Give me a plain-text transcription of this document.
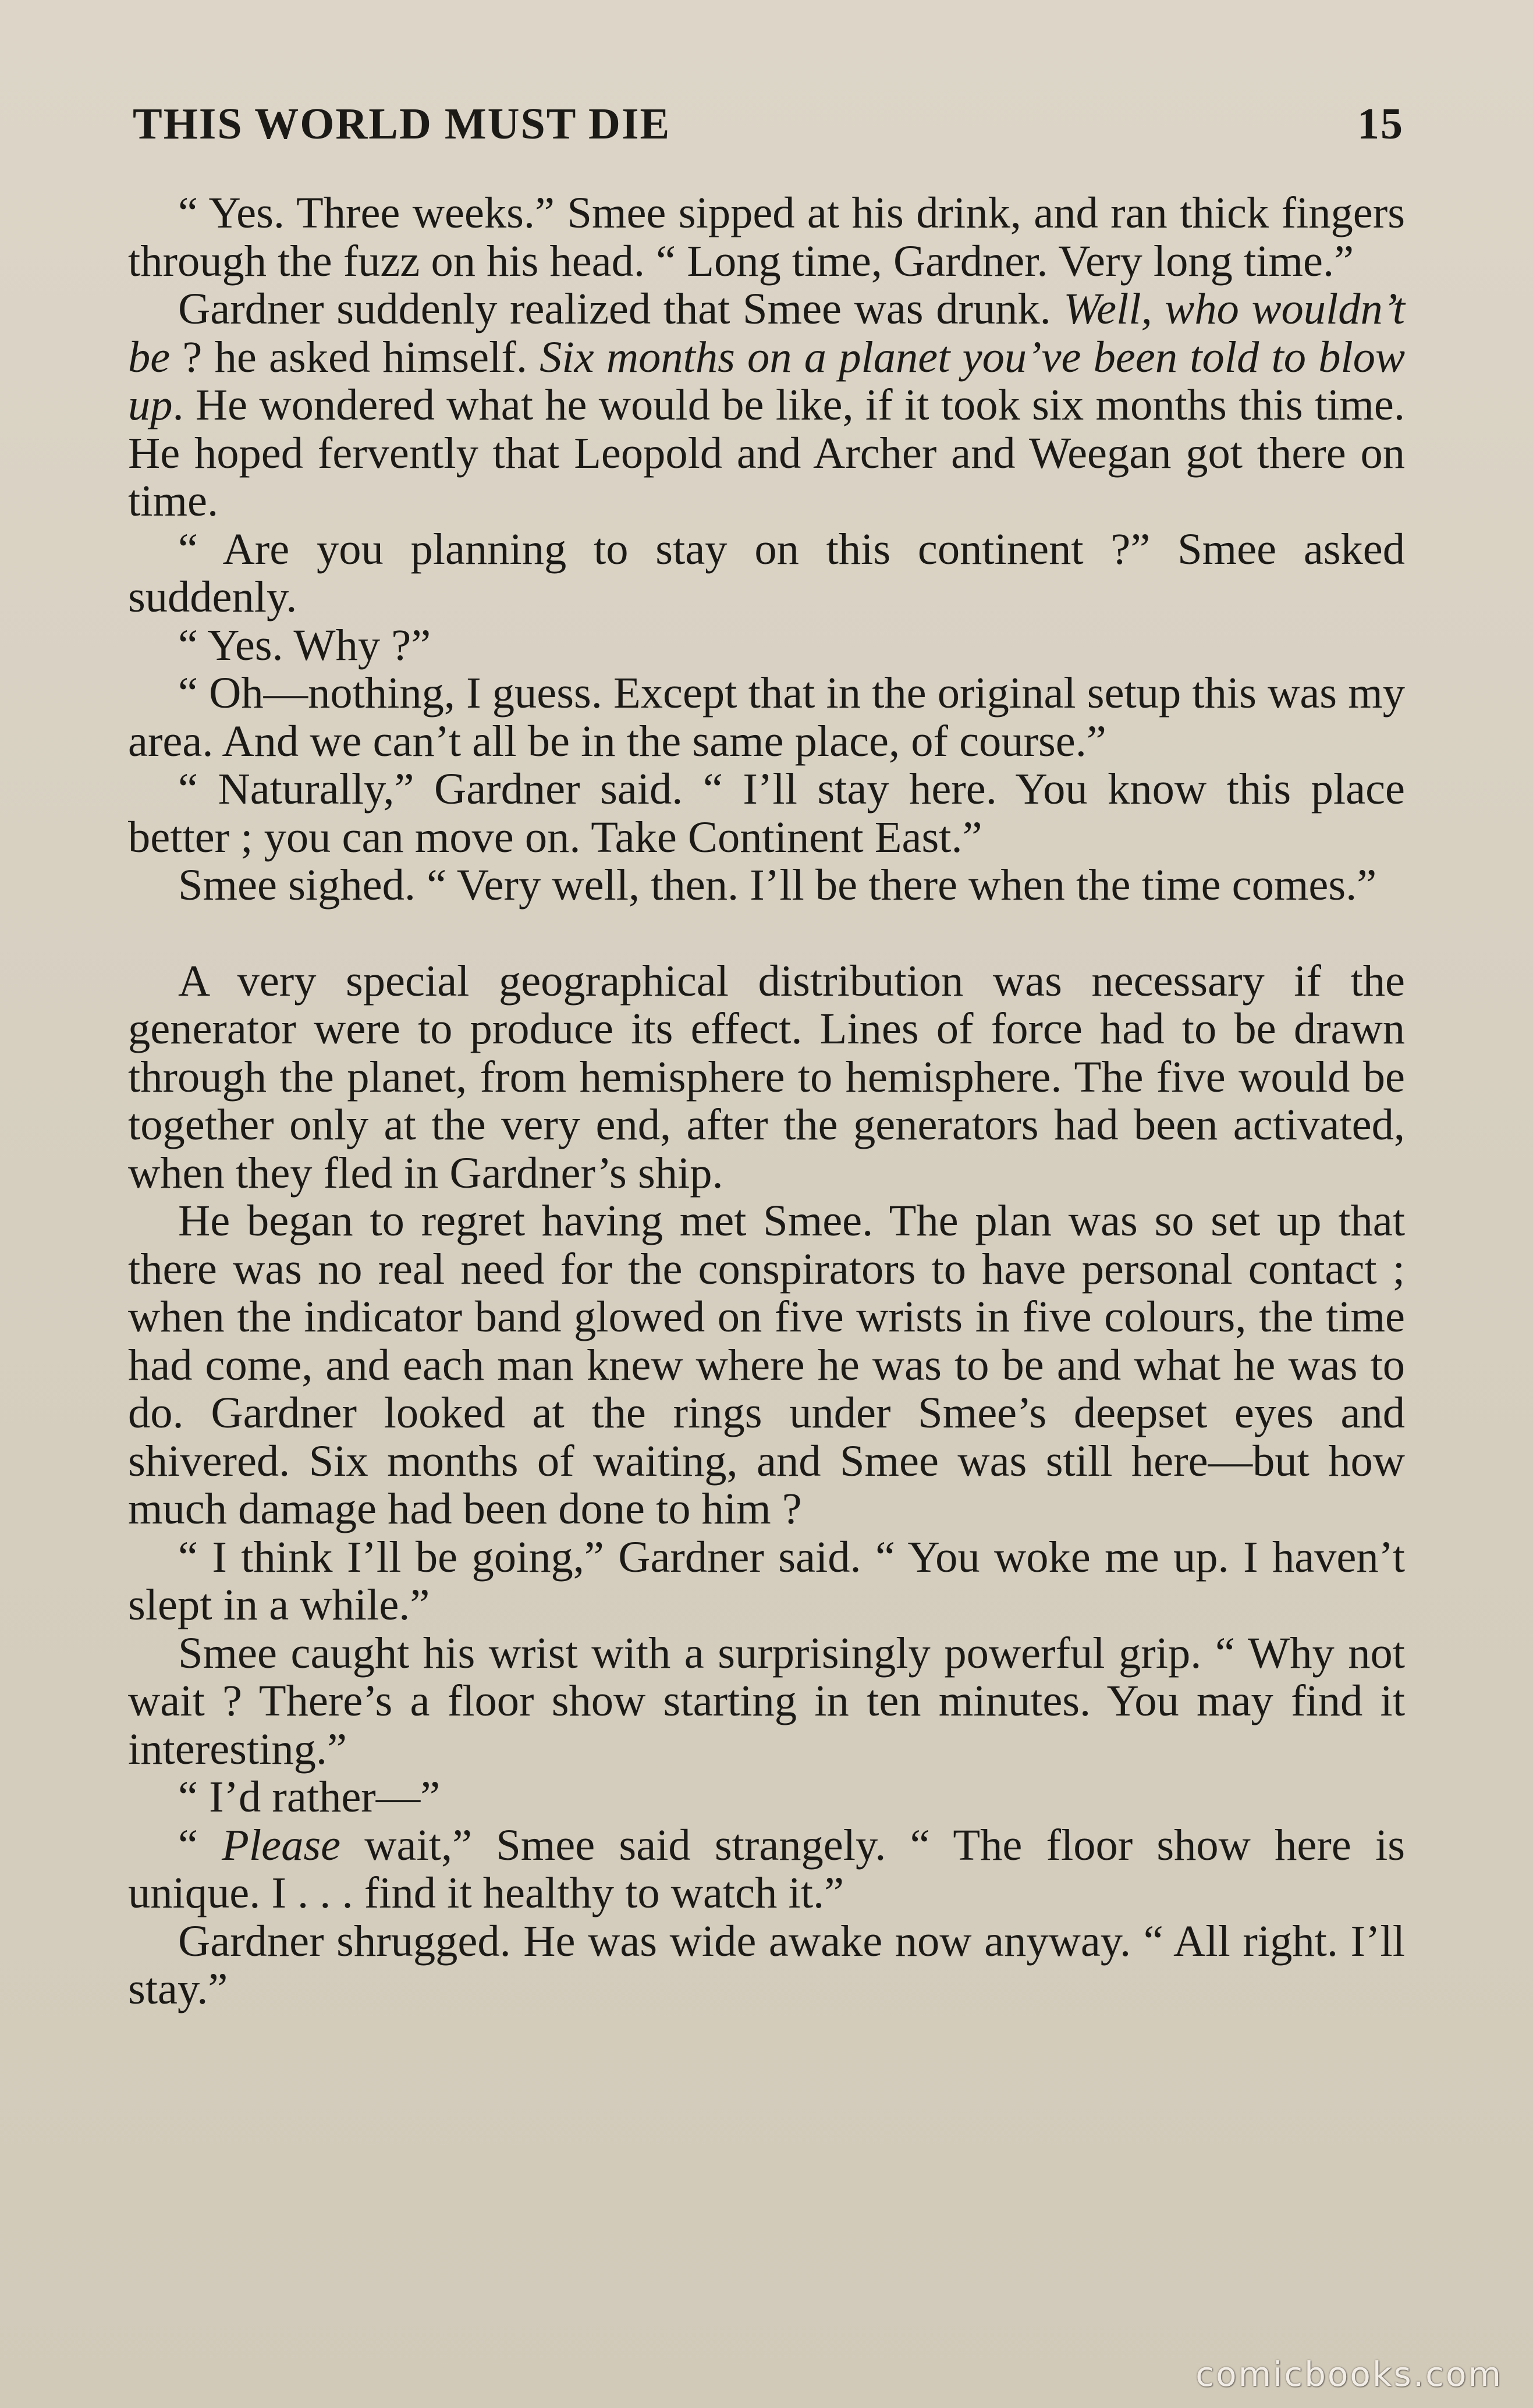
THIS WORLD MUST DIE	15

“ Yes. Three weeks.” Smee sipped at his drink, and ran thick fingers through the fuzz on his head. “ Long time, Gardner. Very long time.”

Gardner suddenly realized that Smee was drunk. Well, who wouldn’t be ? he asked himself. Six months on a planet you’ve been told to blow up. He wondered what he would be like, if it took six months this time. He hoped fervently that Leopold and Archer and Weegan got there on time.

“ Are you planning to stay on this continent ?” Smee asked suddenly.

“ Yes. Why ?”

“ Oh—nothing, I guess. Except that in the original setup this was my area. And we can’t all be in the same place, of course.”

“ Naturally,” Gardner said. “ I’ll stay here. You know this place better ; you can move on. Take Continent East.”

Smee sighed. “ Very well, then. I’ll be there when the time comes.”

A very special geographical distribution was necessary if the generator were to produce its effect. Lines of force had to be drawn through the planet, from hemisphere to hemisphere. The five would be together only at the very end, after the generators had been activated, when they fled in Gardner’s ship.

He began to regret having met Smee. The plan was so set up that there was no real need for the conspirators to have personal contact ; when the indicator band glowed on five wrists in five colours, the time had come, and each man knew where he was to be and what he was to do. Gardner looked at the rings under Smee’s deepset eyes and shivered. Six months of waiting, and Smee was still here—but how much damage had been done to him ?

“ I think I’ll be going,” Gardner said. “ You woke me up. I haven’t slept in a while.”

Smee caught his wrist with a surprisingly powerful grip. “ Why not wait ? There’s a floor show starting in ten minutes. You may find it interesting.”

“ I’d rather—”

“ Please wait,” Smee said strangely. “ The floor show here is unique. I . . . find it healthy to watch it.”

Gardner shrugged. He was wide awake now anyway. “ All right. I’ll stay.”

comicbooks.com
